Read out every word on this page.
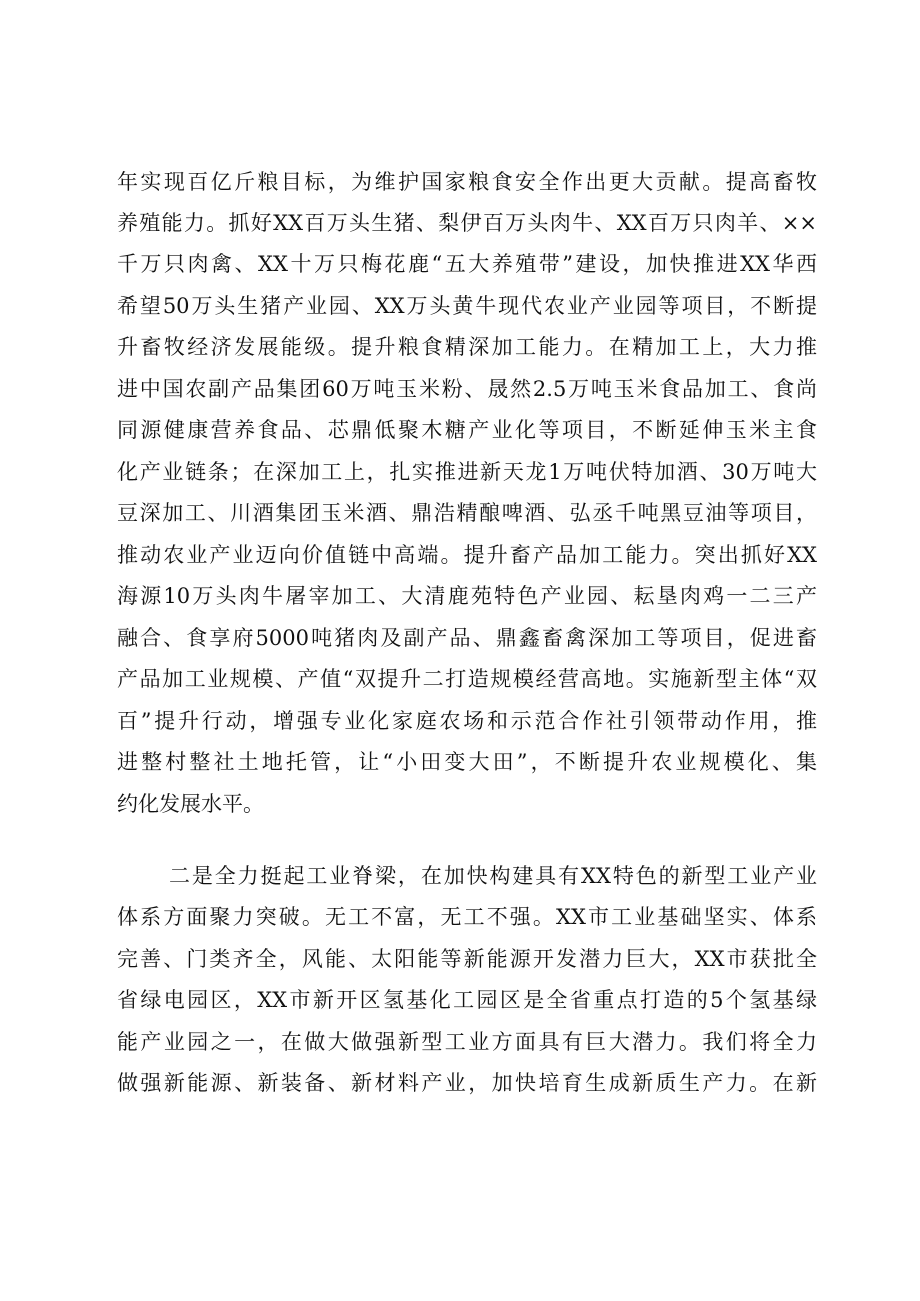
年实现百亿斤粮目标，为维护国家粮食安全作出更大贡献。提高畜牧
养殖能力。抓好XX百万头生猪、梨伊百万头肉牛、XX百万只肉羊、××
千万只肉禽、XX十万只梅花鹿“五大养殖带”建设，加快推进XX华西
希望50万头生猪产业园、XX万头黄牛现代农业产业园等项目，不断提
升畜牧经济发展能级。提升粮食精深加工能力。在精加工上，大力推
进中国农副产品集团60万吨玉米粉、晟然2.5万吨玉米食品加工、食尚
同源健康营养食品、芯鼎低聚木糖产业化等项目，不断延伸玉米主食
化产业链条；在深加工上，扎实推进新天龙1万吨伏特加酒、30万吨大
豆深加工、川酒集团玉米酒、鼎浩精酿啤酒、弘丞千吨黑豆油等项目，
推动农业产业迈向价值链中高端。提升畜产品加工能力。突出抓好XX
海源10万头肉牛屠宰加工、大清鹿苑特色产业园、耘垦肉鸡一二三产
融合、食享府5000吨猪肉及副产品、鼎鑫畜禽深加工等项目，促进畜
产品加工业规模、产值“双提升二打造规模经营高地。实施新型主体“双
百”提升行动，增强专业化家庭农场和示范合作社引领带动作用，推
进整村整社土地托管，让“小田变大田”，不断提升农业规模化、集
约化发展水平。
二是全力挺起工业脊梁，在加快构建具有XX特色的新型工业产业
体系方面聚力突破。无工不富，无工不强。XX市工业基础坚实、体系
完善、门类齐全，风能、太阳能等新能源开发潜力巨大，XX市获批全
省绿电园区，XX市新开区氢基化工园区是全省重点打造的5个氢基绿
能产业园之一，在做大做强新型工业方面具有巨大潜力。我们将全力
做强新能源、新装备、新材料产业，加快培育生成新质生产力。在新
